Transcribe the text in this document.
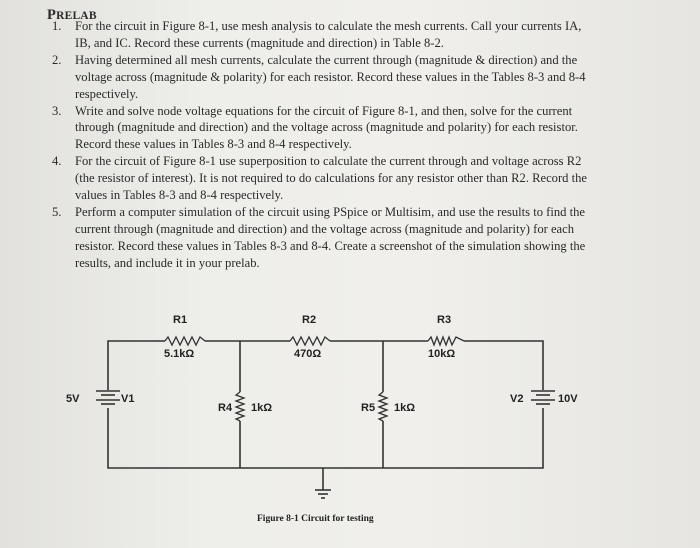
PRELAB
1. For the circuit in Figure 8-1, use mesh analysis to calculate the mesh currents. Call your currents IA, IB, and IC. Record these currents (magnitude and direction) in Table 8-2.
2. Having determined all mesh currents, calculate the current through (magnitude & direction) and the voltage across (magnitude & polarity) for each resistor. Record these values in the Tables 8-3 and 8-4 respectively.
3. Write and solve node voltage equations for the circuit of Figure 8-1, and then, solve for the current through (magnitude and direction) and the voltage across (magnitude and polarity) for each resistor. Record these values in Tables 8-3 and 8-4 respectively.
4. For the circuit of Figure 8-1 use superposition to calculate the current through and voltage across R2 (the resistor of interest). It is not required to do calculations for any resistor other than R2. Record the values in Tables 8-3 and 8-4 respectively.
5. Perform a computer simulation of the circuit using PSpice or Multisim, and use the results to find the current through (magnitude and direction) and the voltage across (magnitude and polarity) for each resistor. Record these values in Tables 8-3 and 8-4. Create a screenshot of the simulation showing the results, and include it in your prelab.
R1
5.1kΩ
R2
470Ω
R3
10kΩ
R4 1kΩ	R5 1kΩ
5V	V1	V2	10V
Figure 8-1 Circuit for testing
